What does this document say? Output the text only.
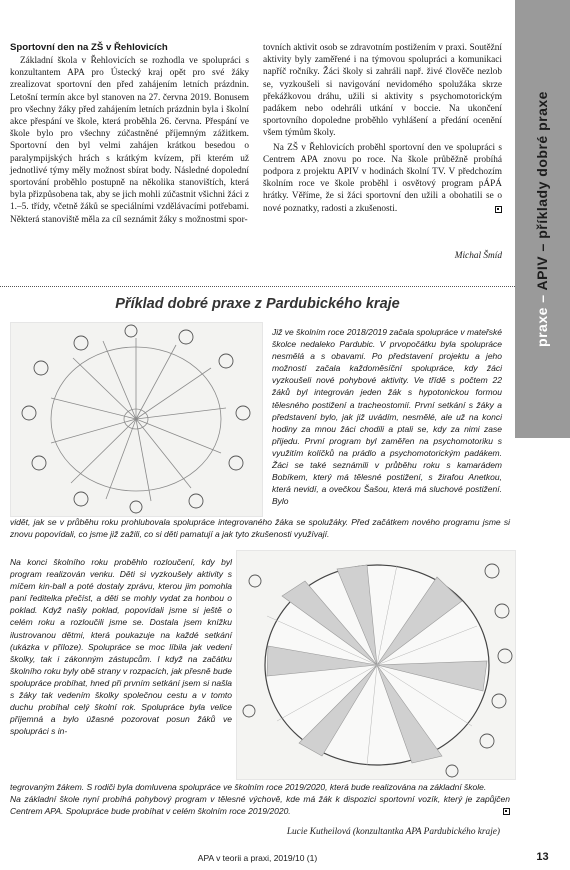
praxe – APIV – příklady dobré praxe
Sportovní den na ZŠ v Řehlovicích

Základní škola v Řehlovicích se rozhodla ve spolupráci s konzultantem APA pro Ústecký kraj opět pro své žáky zrealizovat sportovní den před zahájením letních prázdnin. Letošní termín akce byl stanoven na 27. června 2019. Bonusem pro všechny žáky před zahájením letních prázdnin byla i školní akce přespání ve škole, která proběhla 26. června. Přespání ve škole bylo pro všechny zúčastněné příjemným zážitkem. Sportovní den byl velmi zahájen krátkou besedou o paralympijských hrách s krátkým kvízem, při kterém už jednotlivé týmy měly možnost sbírat body. Následné dopolední sportování proběhlo postupně na několika stanovištích, která byla přizpůsobena tak, aby se jich mohli zúčastnit všichni žáci z 1.–5. třídy, včetně žáků se speciálními vzdělávacími potřebami. Některá stanoviště měla za cíl seznámit žáky s možnostmi spor-

tovních aktivit osob se zdravotním postižením v praxi. Soutěžní aktivity byly zaměřené i na týmovou spolupráci a komunikaci napříč ročníky. Žáci školy si zahráli např. živé člověče nezlob se, vyzkoušeli si navigování nevidomého spolužáka skrze překážkovou dráhu, užili si aktivity s psychomotorickým padákem nebo odehráli utkání v boccie. Na ukončení sportovního dopoledne proběhlo vyhlášení a předání ocenění všem týmům školy.

Na ZŠ v Řehlovicích proběhl sportovní den ve spolupráci s Centrem APA znovu po roce. Na škole průběžně probíhá podpora z projektu APIV v hodinách školní TV. V předchozím školním roce ve škole proběhl i osvětový program pÁPÁ hrátky. Věříme, že si žáci sportovní den užili a obohatili se o nové poznatky, radosti a zkušenosti.

Michal Šmíd
Příklad dobré praxe z Pardubického kraje
Již ve školním roce 2018/2019 začala spolupráce v mateřské školce nedaleko Pardubic. V prvopočátku byla spolupráce nesmělá a s obavami. Po představení projektu a jeho možností začala každoměsíční spolupráce, kdy žáci vyzkoušeli nové pohybové aktivity. Ve třídě s počtem 22 žáků byl integrován jeden žák s hypotonickou formou tělesného postižení a tracheostomií. První setkání s žáky a představení bylo, jak již uvádím, nesmělé, ale už na konci hodiny za mnou žáci chodili a ptali se, kdy za nimi zase přijedu. První program byl zaměřen na psychomotoriku s využitím kolíčků na prádlo a psychomotorickým padákem. Žáci se také seznámili v průběhu roku s kamarádem Bobíkem, který má tělesné postižení, s žirafou Anetkou, která nevidí, a ovečkou Šašou, která má sluchové postižení. Bylo
vidět, jak se v průběhu roku prohlubovala spolupráce integrovaného žáka se spolužáky. Před začátkem nového programu jsme si znovu popovídali, co jsme již zažili, co si děti pamatují a jak tyto zkušenosti využívají.
Na konci školního roku proběhlo rozloučení, kdy byl program realizován venku. Děti si vyzkoušely aktivity s míčem kin-ball a poté dostaly zprávu, kterou jim pomohla paní ředitelka přečíst, a děti se mohly vydat za honbou o poklad. Když našly poklad, popovídali jsme si ještě o celém roku a rozloučili jsme se. Dostala jsem knížku ilustrovanou dětmi, která poukazuje na každé setkání (ukázka v příloze). Spolupráce se moc líbila jak vedení školky, tak i zákonným zástupcům. I když na začátku školního roku byly obě strany v rozpacích, jak přesně bude spolupráce probíhat, hned při prvním setkání jsem si našla s žáky tak vedením školky společnou cestu a v tomto duchu probíhal celý školní rok. Spolupráce byla velice příjemná a bylo úžasné pozorovat posun žáků ve spolupráci s in-

tegrovaným žákem. S rodiči byla domluvena spolupráce ve školním roce 2019/2020, která bude realizována na základní škole.

Na základní škole nyní probíhá pohybový program v tělesné výchově, kde má žák k dispozici sportovní vozík, který je zapůjčen Centrem APA. Spolupráce bude probíhat v celém školním roce 2019/2020.

Lucie Kutheilová (konzultantka APA Pardubického kraje)
APA v teorii a praxi, 2019/10 (1)	13
